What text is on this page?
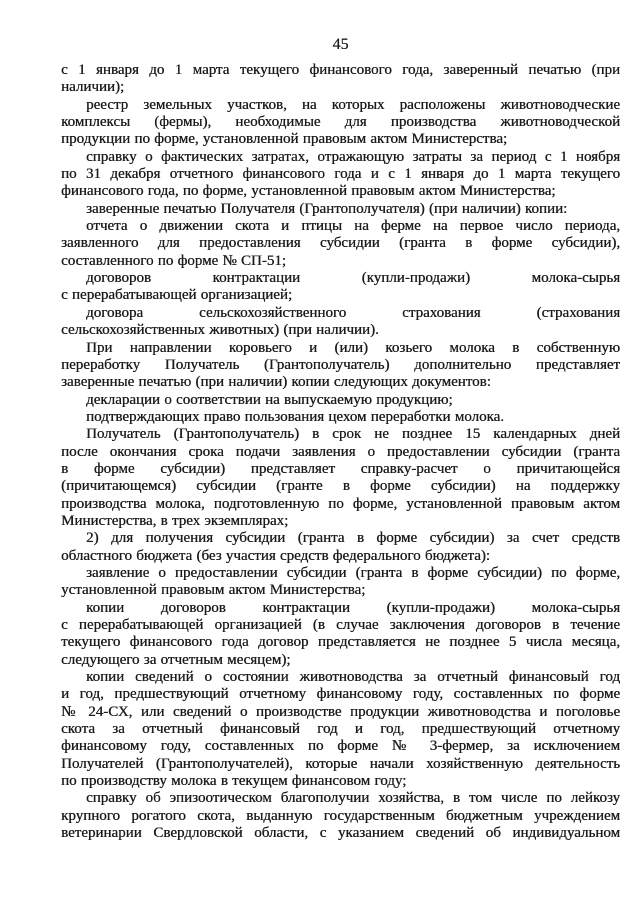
45
с 1 января до 1 марта текущего финансового года, заверенный печатью (при
наличии);
реестр земельных участков, на которых расположены животноводческие
комплексы (фермы), необходимые для производства животноводческой
продукции по форме, установленной правовым актом Министерства;
справку о фактических затратах, отражающую затраты за период с 1 ноября
по 31 декабря отчетного финансового года и с 1 января до 1 марта текущего
финансового года, по форме, установленной правовым актом Министерства;
заверенные печатью Получателя (Грантополучателя) (при наличии) копии:
отчета о движении скота и птицы на ферме на первое число периода,
заявленного для предоставления субсидии (гранта в форме субсидии),
составленного по форме № СП-51;
договоров контрактации (купли-продажи) молока-сырья
с перерабатывающей организацией;
договора сельскохозяйственного страхования (страхования
сельскохозяйственных животных) (при наличии).
При направлении коровьего и (или) козьего молока в собственную
переработку Получатель (Грантополучатель) дополнительно представляет
заверенные печатью (при наличии) копии следующих документов:
декларации о соответствии на выпускаемую продукцию;
подтверждающих право пользования цехом переработки молока.
Получатель (Грантополучатель) в срок не позднее 15 календарных дней
после окончания срока подачи заявления о предоставлении субсидии (гранта
в форме субсидии) представляет справку-расчет о причитающейся
(причитающемся) субсидии (гранте в форме субсидии) на поддержку
производства молока, подготовленную по форме, установленной правовым актом
Министерства, в трех экземплярах;
2) для получения субсидии (гранта в форме субсидии) за счет средств
областного бюджета (без участия средств федерального бюджета):
заявление о предоставлении субсидии (гранта в форме субсидии) по форме,
установленной правовым актом Министерства;
копии договоров контрактации (купли-продажи) молока-сырья
с перерабатывающей организацией (в случае заключения договоров в течение
текущего финансового года договор представляется не позднее 5 числа месяца,
следующего за отчетным месяцем);
копии сведений о состоянии животноводства за отчетный финансовый год
и год, предшествующий отчетному финансовому году, составленных по форме
№ 24-СХ, или сведений о производстве продукции животноводства и поголовье
скота за отчетный финансовый год и год, предшествующий отчетному
финансовому году, составленных по форме № 3-фермер, за исключением
Получателей (Грантополучателей), которые начали хозяйственную деятельность
по производству молока в текущем финансовом году;
справку об эпизоотическом благополучии хозяйства, в том числе по лейкозу
крупного рогатого скота, выданную государственным бюджетным учреждением
ветеринарии Свердловской области, с указанием сведений об индивидуальном
